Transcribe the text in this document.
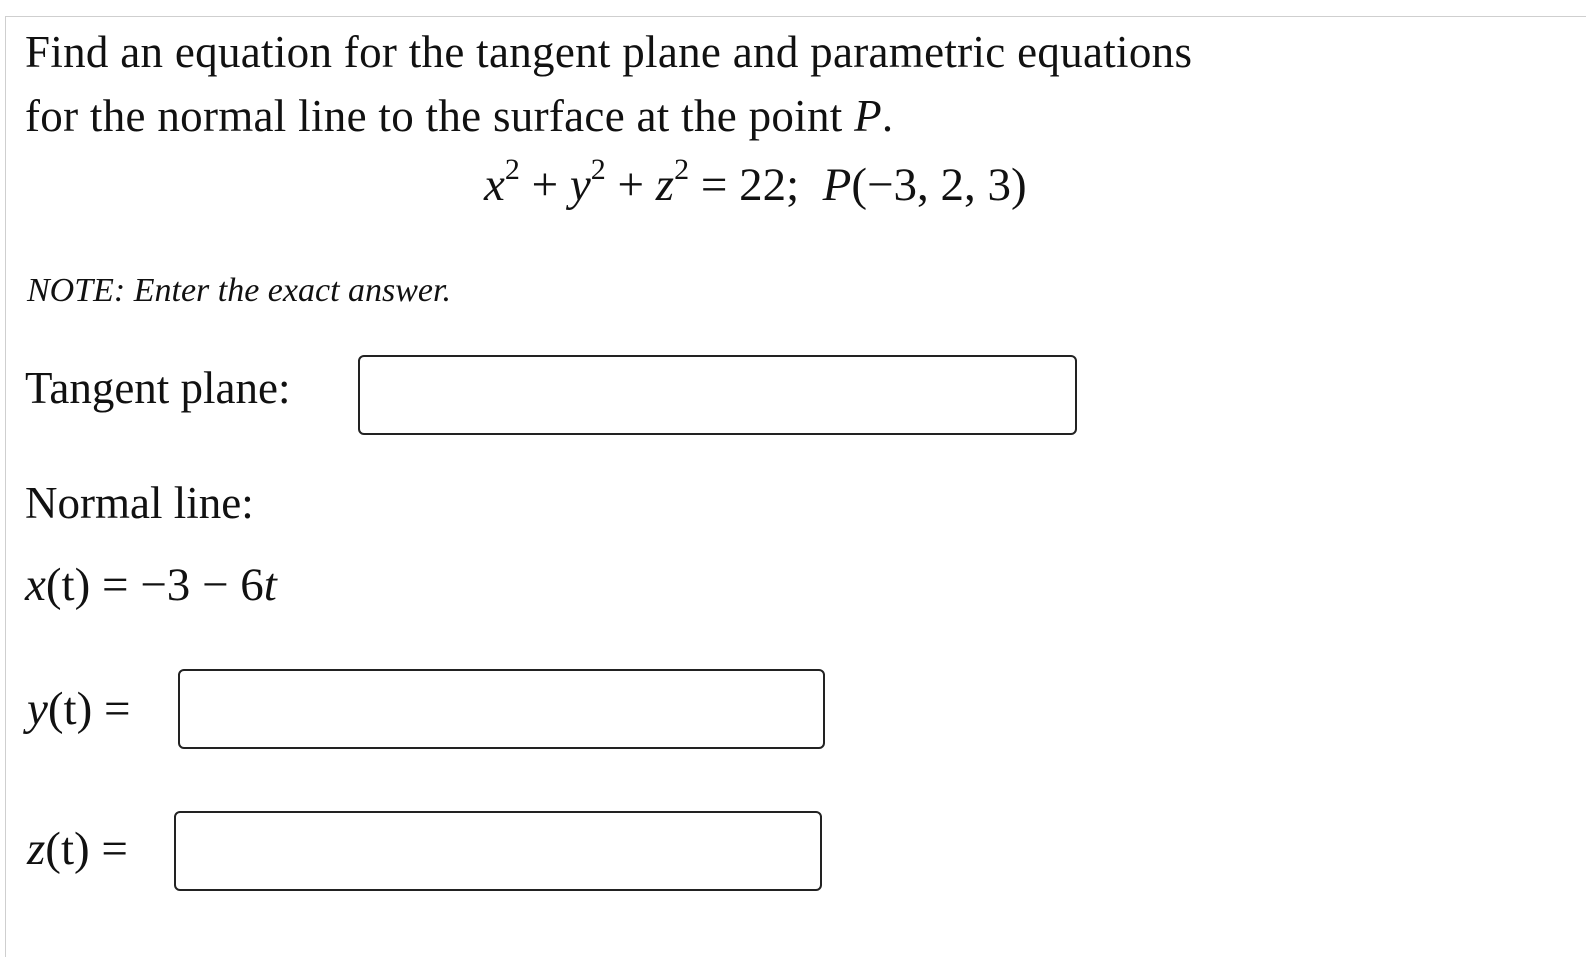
Find an equation for the tangent plane and parametric equations
for the normal line to the surface at the point P.
$x^2 + y^2 + z^2 = 22$; P(−3, 2, 3)
NOTE: Enter the exact answer.
Tangent plane:
Normal line:
x(t) = −3 − 6t
y(t) =
z(t) =
